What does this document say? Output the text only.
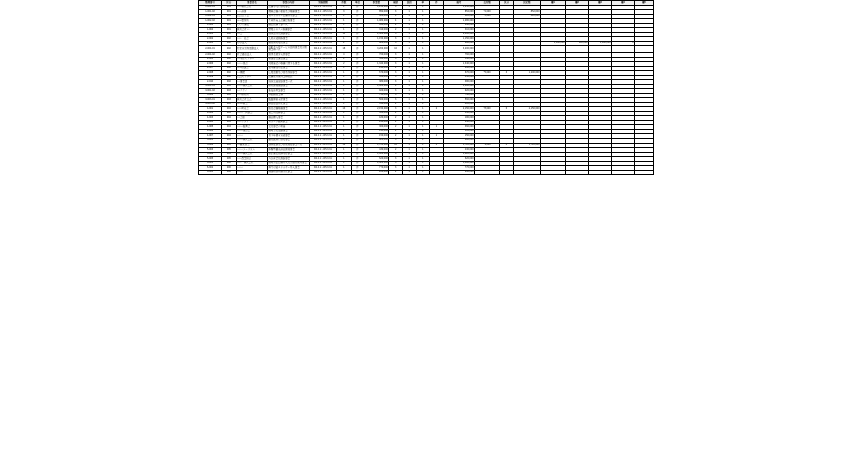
整理番号	区分	事業者名	事業の内容	実施期間	件数	単位	事業費	補助	負担	率	件	備考	交付額	区分	決定額	欄1	欄2	欄3	欄4	欄5
1-001-01	001	○○○株式会社	設備導入に係る事業	R4.4.1～R5.3.31	1	件	1,250,000	3	1	1		1,250,000								
1-001-02	001	○○○商事	機械設備の更新及び整備事業	R4.4.1～R5.3.31	3	件	852,000	3	1	1		852,000	*2,000		852,000					
1-002-01	001	△△△工業	省エネルギー設備導入事業	R4.4.1～R5.3.31	1	件	420,000	4	1	1		420,000	*3,000		420,000					
1-002-02	001	□□□製作所	生産性向上設備投資事業	R4.4.1～R5.3.31	1	件	1,080,000	4	1	1		1,080,000								
1-003	001	◇◇◇建設	施設改修工事一式	R4.4.1～R5.3.31	1	件	640,000	2	1	1		640,000								
1-004	001	株式会社○○	情報システム整備事業	R4.4.1～R5.3.31	1	件	310,000	2	1	1		310,000								
2-001	002	○○会	地域活性化推進事業	R4.4.1～R5.3.31	11	件	2,400,000	5	1	1		2,400,000								
2-002	002	○○○　協会	人材育成研修事業	R4.4.1～R5.3.31	1	件	1,150,000	3	1	1		1,150,000								
2-003	002	◎◎法人	調査研究委託事業	R4.4.1～R5.3.31	2	件	980,000	3	1	1		980,000				1,500,000	120,000	1,380,000	0	
2-004-01	002	特定非営利活動法人	高齢者支援サービス提供事業及び関連業務一式	R4.4.1～R5.3.31	18	件	3,200,000	10	1	1		3,200,000								
2-004-02	002	社会福祉法人	障害者就労支援事業	R4.4.1～R5.3.31	4	件	760,000	3	1	1		760,000								
2-005	002	○○支援センター	相談窓口運営事業	R4.4.1～R5.3.31	2	件	540,000	3	1	1		540,000								
2-006	002	○○○○組合	共同施設の整備に関する事業	R4.4.1～R5.3.31	2	件	1,340,000	3	1	1		1,340,000								
2-007	002	□□□協議会	安全確保対策事業	R4.4.1～R5.3.31	1	件	290,000	2	1	1		290,000								
2-008	002	○○機構	広報活動及び普及啓発事業	R4.4.1～R5.3.31	1	件	670,000	3	1	1		670,000	*5,000	3	1,200,000					
2-009	002	△△センター	設備保守管理業務委託	R4.4.1～R5.3.31	1	件	450,000	3	1	1		450,000								
2-010	002	○○事業団	地域交流促進事業一式	R4.4.1～R5.3.31	1	件	380,000	3	1	1		380,000								
3-001-01	003	○○○○株式会社	研究開発推進事業	R4.4.1～R5.3.31	1	件	1,600,000	4	1	1		1,600,000								
3-001-02	003	○○テクノ	新技術実証事業	R4.4.1～R5.3.31	1	件	920,000	3	1	1		920,000								
3-002	003	○○○研究所	基礎調査業務	R4.4.1～R5.3.31	1	件	740,000	3	1	1		740,000								
3-003-01	003	株式会社△△	販路開拓支援事業	R4.4.1～R5.3.31	1	件	560,000	3	1	1		560,000								
3-003-02	003	□□□□商会	商店街活性化事業	R4.4.1～R5.3.31	1	件	410,000	2	1	1		410,000								
4-001	004	○○○町内会	防災設備整備事業	R4.4.1～R5.3.31	13	件	2,150,000	3	1	1	2	2,150,000	*8,000	6	2,150,000					
4-002	004	○○○○　自治会	集会所改修事業	R4.4.1～R5.3.31	1	件	330,000	2	1	1		330,000								
4-003	004	○○会館	備品購入事業	R4.4.1～R5.3.31	1	件	180,000	2	1	1		180,000								
4-004	004	○○○クラブ	スポーツ振興事業	R4.4.1～R5.3.31	1	件	240,000	2	1	1		240,000								
4-005	004	○○○○振興会	文化事業の実施	R4.4.1～R5.3.31	1	件	360,000	2	1	1	1	360,000								
4-006	004	○○○○連合会	環境美化活動事業	R4.4.1～R5.3.31	1	件	195,000	2	1	1		195,000								
4-007	004	○○○○	青少年健全育成事業	R4.4.1～R5.3.31	1	件	150,000	2	1	1	1	150,000								
5-001	005	○○○○株式会社	観光振興に係る事業	R4.4.1～R5.3.31	1	件	880,000	3	1	1		880,000								
5-002	005	○○観光協会	誘客促進及び情報発信事業一式	R4.4.1～R5.3.31	12	件	1,720,000	10	1	1	3	1,720,000	*9,000	4	1,720,000					
5-003	005	○○○○ツーリズム	体験型観光商品開発事業	R4.4.1～R5.3.31	1	件	430,000	2	1	1		430,000								
5-004	005	○○○○株式会社	宿泊施設改修支援事業	R4.4.1～R5.3.31	1	件	1,020,000	3	1	1		1,020,000								
5-005	005	○○○農業組合	六次産業化推進事業	R4.4.1～R5.3.31	1	件	620,000	3	1	1		620,000								
6-001	006	○○○　株式会社	環境対策設備導入及び維持管理事業	R4.4.1～R5.3.31	1	件	1,480,000	3	1	1		1,480,000								
6-002	006	○○○○	再生可能エネルギー導入事業	R4.4.1～R5.3.31	1	件	770,000	3	1	1		770,000								
6-003	006	○○○○	廃棄物処理適正化事業	R4.4.1～R5.3.31	1	件	260,000	2	1	1		260,000								
